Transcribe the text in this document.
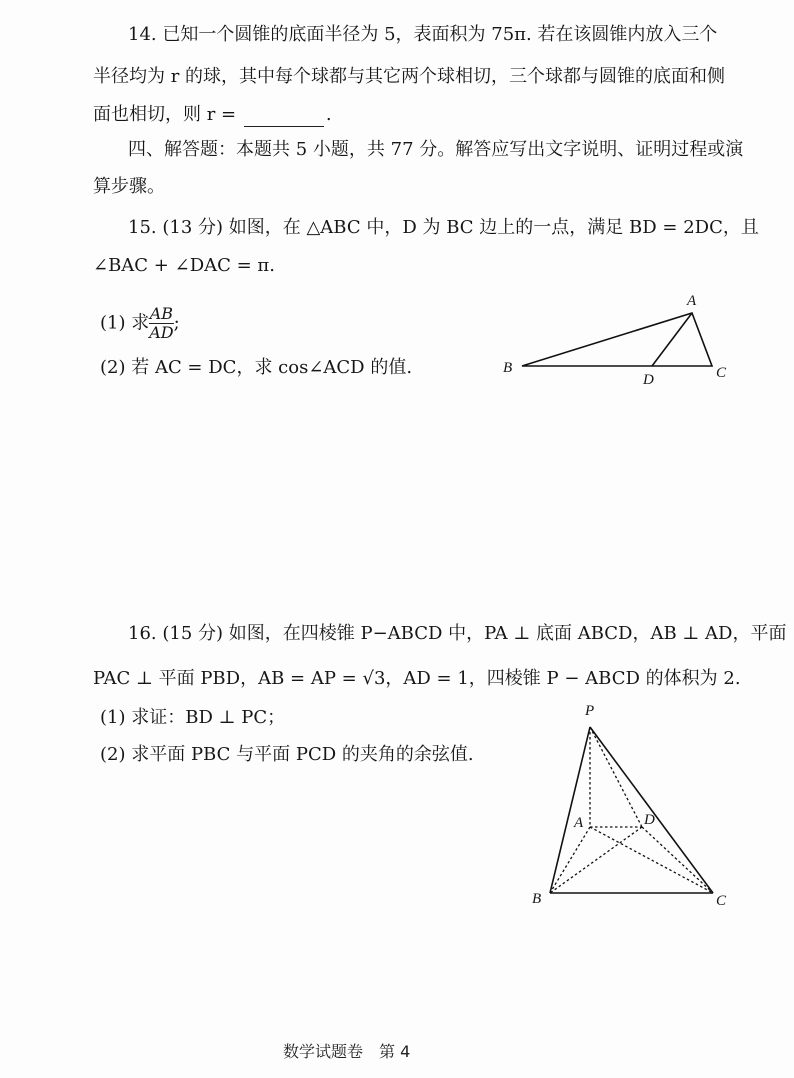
14. 已知一个圆锥的底面半径为 5，表面积为 75π. 若在该圆锥内放入三个
半径均为 r 的球，其中每个球都与其它两个球相切，三个球都与圆锥的底面和侧
面也相切，则 r =	.
四、解答题：本题共 5 小题，共 77 分。解答应写出文字说明、证明过程或演
算步骤。
15. (13 分) 如图，在 △ABC 中，D 为 BC 边上的一点，满足 BD = 2DC，且
∠BAC + ∠DAC = π.
(1) 求 $\frac{AB}{AD}$ ;
(2) 若 AC = DC，求 cos∠ACD 的值.
A
B
D	C
16. (15 分) 如图，在四棱锥 P−ABCD 中，PA ⊥ 底面 ABCD，AB ⊥ AD，平面
PAC ⊥ 平面 PBD，AB = AP = √3，AD = 1，四棱锥 P − ABCD 的体积为 2.
(1) 求证：BD ⊥ PC；
(2) 求平面 PBC 与平面 PCD 的夹角的余弦值.
P
A	D
B	C
数学试题卷　第 4
